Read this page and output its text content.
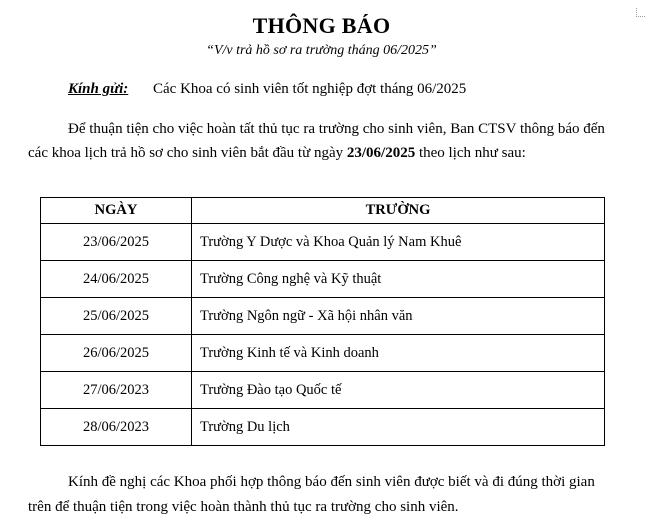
THÔNG BÁO
“V/v trả hồ sơ ra trường tháng 06/2025”
Kính gửi: Các Khoa có sinh viên tốt nghiệp đợt tháng 06/2025
Để thuận tiện cho việc hoàn tất thủ tục ra trường cho sinh viên, Ban CTSV thông báo đến
các khoa lịch trả hồ sơ cho sinh viên bắt đầu từ ngày 23/06/2025 theo lịch như sau:
NGÀY	TRƯỜNG
23/06/2025	Trường Y Dược và Khoa Quản lý Nam Khuê
24/06/2025	Trường Công nghệ và Kỹ thuật
25/06/2025	Trường Ngôn ngữ - Xã hội nhân văn
26/06/2025	Trường Kinh tế và Kinh doanh
27/06/2023	Trường Đào tạo Quốc tế
28/06/2023	Trường Du lịch
Kính đề nghị các Khoa phối hợp thông báo đến sinh viên được biết và đi đúng thời gian
trên để thuận tiện trong việc hoàn thành thủ tục ra trường cho sinh viên.
